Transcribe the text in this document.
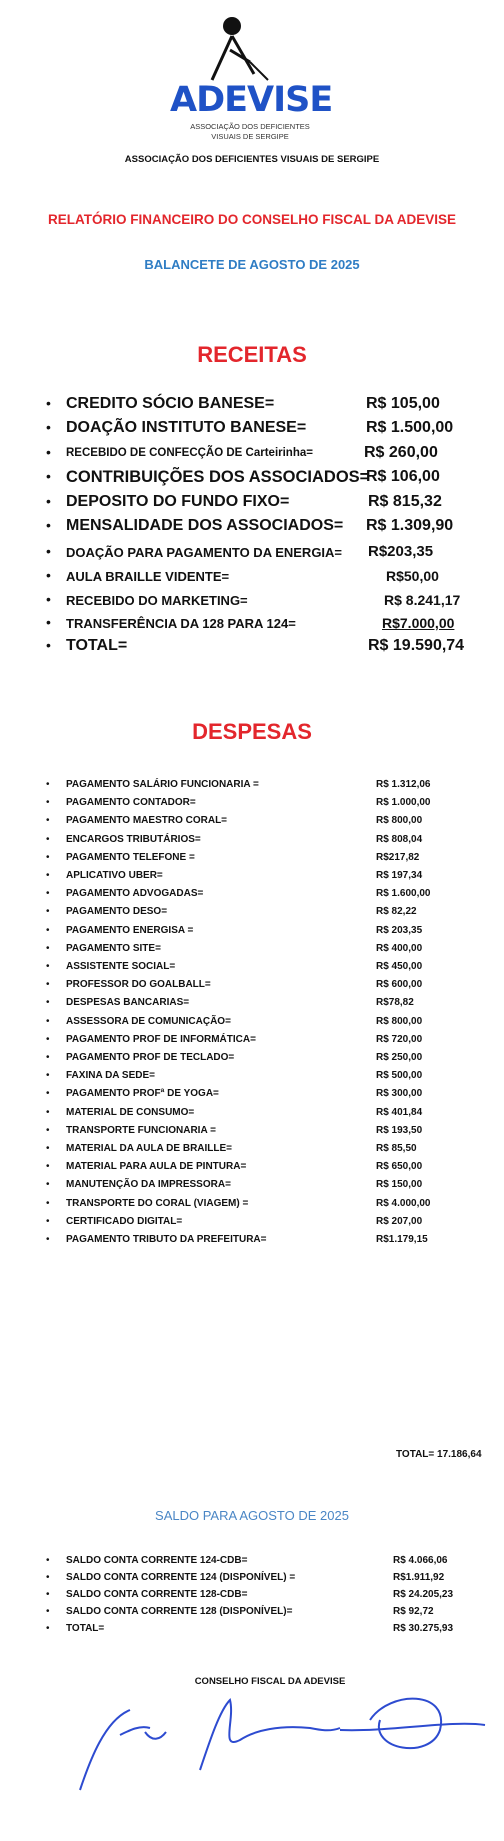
ADEVISE
ASSOCIAÇÃO DOS DEFICIENTES
VISUAIS DE SERGIPE
ASSOCIAÇÃO DOS DEFICIENTES VISUAIS DE SERGIPE
RELATÓRIO FINANCEIRO DO CONSELHO FISCAL DA ADEVISE
BALANCETE DE AGOSTO DE 2025
RECEITAS
• CREDITO SÓCIO BANESE=	R$ 105,00
• DOAÇÃO INSTITUTO BANESE=	R$ 1.500,00
• RECEBIDO DE CONFECÇÃO DE Carteirinha=	R$ 260,00
• CONTRIBUIÇÕES DOS ASSOCIADOS=
R$ 106,00
• DEPOSITO DO FUNDO FIXO=	R$ 815,32
• MENSALIDADE DOS ASSOCIADOS= R$ 1.309,90
• DOAÇÃO PARA PAGAMENTO DA ENERGIA= R$203,35
• AULA BRAILLE VIDENTE=	R$50,00
• RECEBIDO DO MARKETING=	R$ 8.241,17
• TRANSFERÊNCIA DA 128 PARA 124=	R$7.000,00
• TOTAL=	R$ 19.590,74
DESPESAS
• PAGAMENTO SALÁRIO FUNCIONARIA =	R$ 1.312,06
• PAGAMENTO CONTADOR=	R$ 1.000,00
• PAGAMENTO MAESTRO CORAL=	R$ 800,00
• ENCARGOS TRIBUTÁRIOS=	R$ 808,04
• PAGAMENTO TELEFONE =	R$217,82
• APLICATIVO UBER=	R$ 197,34
• PAGAMENTO ADVOGADAS=	R$ 1.600,00
• PAGAMENTO DESO=	R$ 82,22
• PAGAMENTO ENERGISA =	R$ 203,35
• PAGAMENTO SITE=	R$ 400,00
• ASSISTENTE SOCIAL=	R$ 450,00
• PROFESSOR DO GOALBALL=	R$ 600,00
• DESPESAS BANCARIAS=	R$78,82
• ASSESSORA DE COMUNICAÇÃO=	R$ 800,00
• PAGAMENTO PROF DE INFORMÁTICA=	R$ 720,00
• PAGAMENTO PROF DE TECLADO=	R$ 250,00
• FAXINA DA SEDE=	R$ 500,00
• PAGAMENTO PROFª DE YOGA=	R$ 300,00
• MATERIAL DE CONSUMO=	R$ 401,84
• TRANSPORTE FUNCIONARIA =	R$ 193,50
• MATERIAL DA AULA DE BRAILLE=	R$ 85,50
• MATERIAL PARA AULA DE PINTURA=	R$ 650,00
• MANUTENÇÃO DA IMPRESSORA=	R$ 150,00
• TRANSPORTE DO CORAL (VIAGEM) =	R$ 4.000,00
• CERTIFICADO DIGITAL=	R$ 207,00
• PAGAMENTO TRIBUTO DA PREFEITURA=	R$1.179,15
TOTAL= 17.186,64
SALDO PARA AGOSTO DE 2025
• SALDO CONTA CORRENTE 124-CDB=	R$ 4.066,06
• SALDO CONTA CORRENTE 124 (DISPONÍVEL) =	R$1.911,92
• SALDO CONTA CORRENTE 128-CDB=	R$ 24.205,23
• SALDO CONTA CORRENTE 128 (DISPONÍVEL)=	R$ 92,72
• TOTAL=	R$ 30.275,93
CONSELHO FISCAL DA ADEVISE
